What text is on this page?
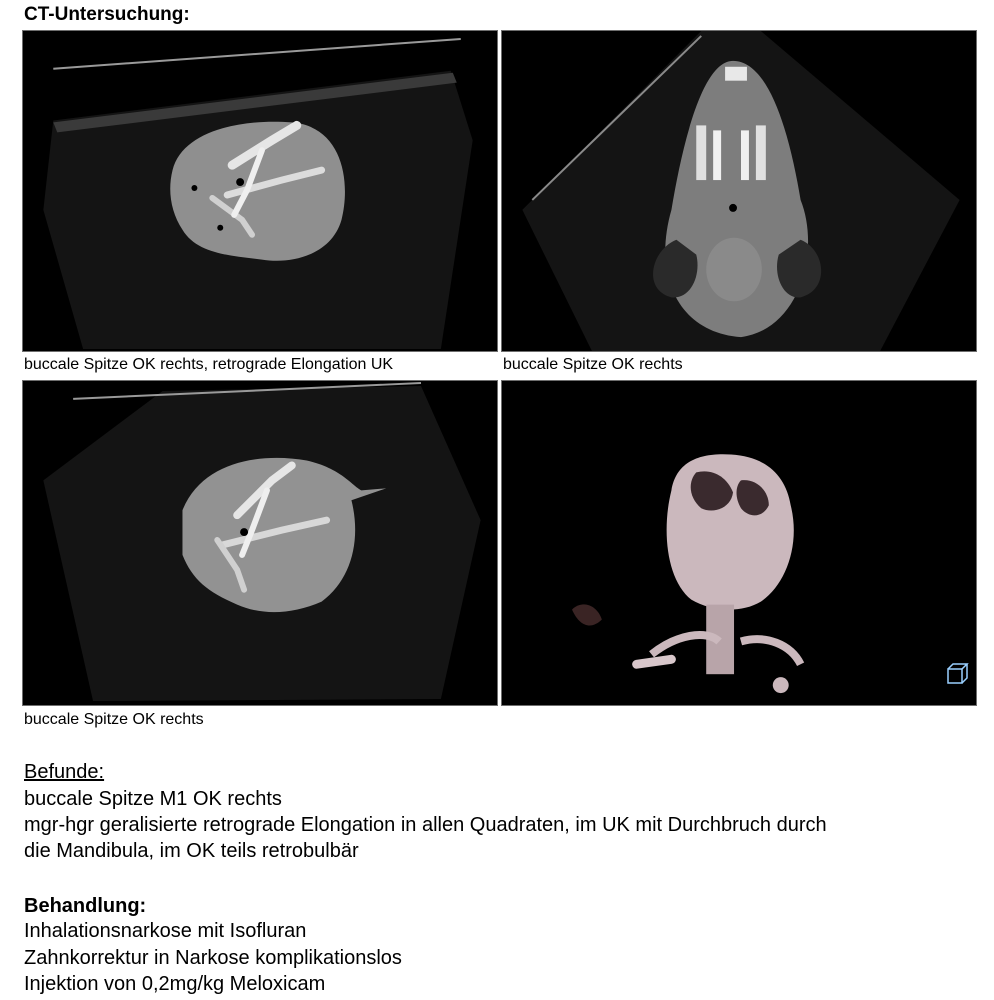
CT-Untersuchung:
buccale Spitze OK rechts, retrograde Elongation UK	buccale Spitze OK rechts
buccale Spitze OK rechts
Befunde:

buccale Spitze M1 OK rechts

mgr-hgr geralisierte retrograde Elongation in allen Quadraten, im UK mit Durchbruch durch

die Mandibula, im OK teils retrobulbär

Behandlung:

Inhalationsnarkose mit Isofluran

Zahnkorrektur in Narkose komplikationslos

Injektion von 0,2mg/kg Meloxicam
